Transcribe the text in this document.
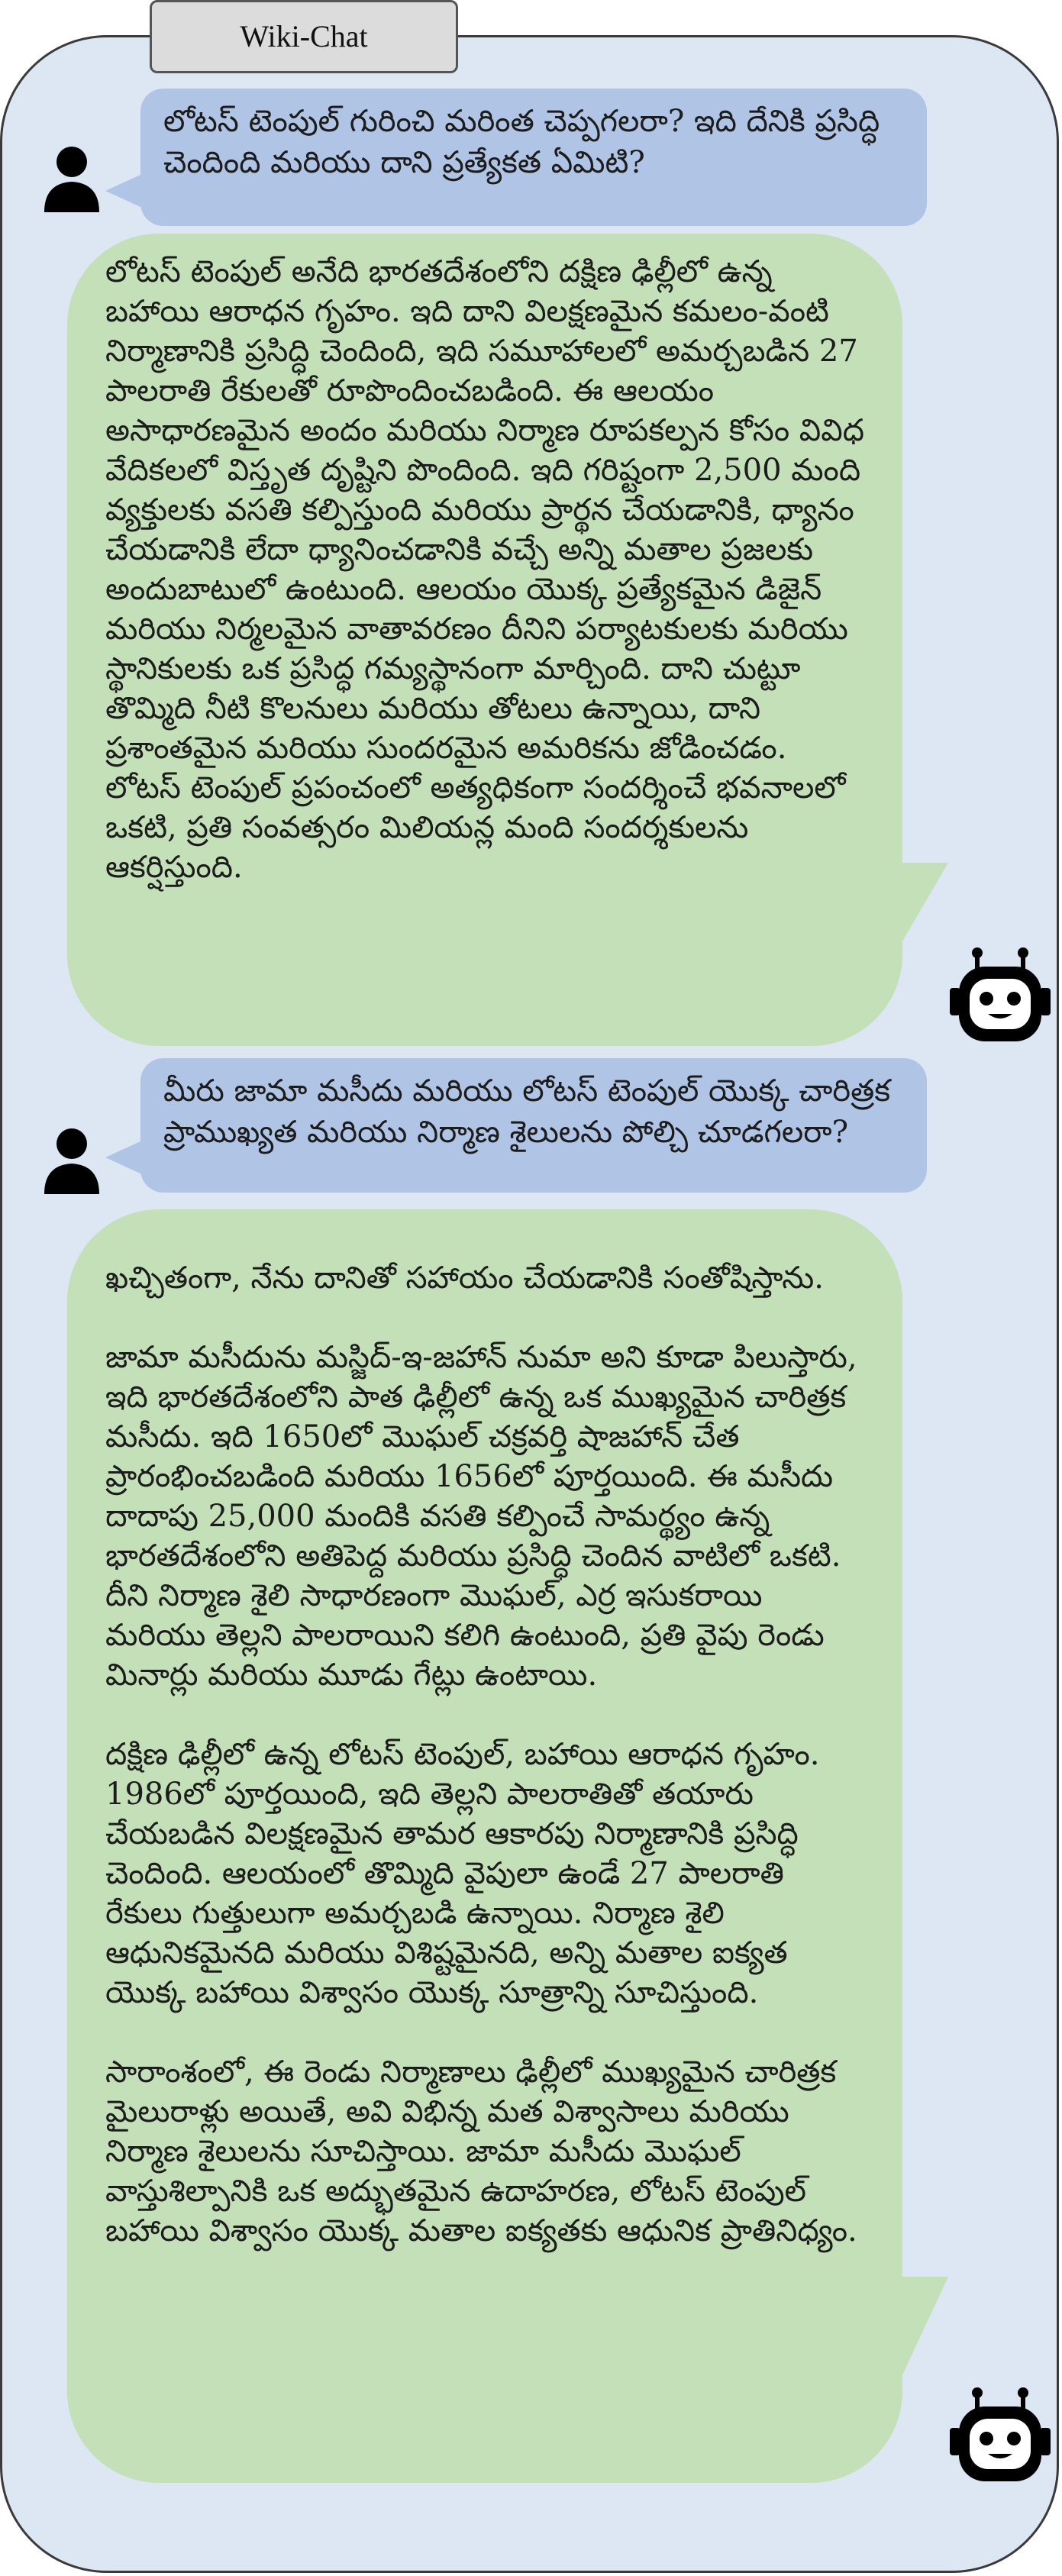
Wiki-Chat
లోటస్ టెంపుల్ గురించి మరింత చెప్పగలరా? ఇది దేనికి ప్రసిద్ధి చెందింది మరియు దాని ప్రత్యేకత ఏమిటి?

లోటస్ టెంపుల్ అనేది భారతదేశంలోని దక్షిణ ఢిల్లీలో ఉన్న బహాయి ఆరాధన గృహం. ఇది దాని విలక్షణమైన కమలం-వంటి నిర్మాణానికి ప్రసిద్ధి చెందింది, ఇది సమూహాలలో అమర్చబడిన 27 పాలరాతి రేకులతో రూపొందించబడింది. ఈ ఆలయం అసాధారణమైన అందం మరియు నిర్మాణ రూపకల్పన కోసం వివిధ వేదికలలో విస్తృత దృష్టిని పొందింది. ఇది గరిష్టంగా 2,500 మంది వ్యక్తులకు వసతి కల్పిస్తుంది మరియు ప్రార్థన చేయడానికి, ధ్యానం చేయడానికి లేదా ధ్యానించడానికి వచ్చే అన్ని మతాల ప్రజలకు అందుబాటులో ఉంటుంది. ఆలయం యొక్క ప్రత్యేకమైన డిజైన్ మరియు నిర్మలమైన వాతావరణం దీనిని పర్యాటకులకు మరియు స్థానికులకు ఒక ప్రసిద్ధ గమ్యస్థానంగా మార్చింది. దాని చుట్టూ తొమ్మిది నీటి కొలనులు మరియు తోటలు ఉన్నాయి, దాని ప్రశాంతమైన మరియు సుందరమైన అమరికను జోడించడం. లోటస్ టెంపుల్ ప్రపంచంలో అత్యధికంగా సందర్శించే భవనాలలో ఒకటి, ప్రతి సంవత్సరం మిలియన్ల మంది సందర్శకులను ఆకర్షిస్తుంది.

మీరు జామా మసీదు మరియు లోటస్ టెంపుల్ యొక్క చారిత్రక ప్రాముఖ్యత మరియు నిర్మాణ శైలులను పోల్చి చూడగలరా?

ఖచ్చితంగా, నేను దానితో సహాయం చేయడానికి సంతోషిస్తాను.

జామా మసీదును మస్జిద్-ఇ-జహాన్ నుమా అని కూడా పిలుస్తారు, ఇది భారతదేశంలోని పాత ఢిల్లీలో ఉన్న ఒక ముఖ్యమైన చారిత్రక మసీదు. ఇది 1650లో మొఘల్ చక్రవర్తి షాజహాన్ చేత ప్రారంభించబడింది మరియు 1656లో పూర్తయింది. ఈ మసీదు దాదాపు 25,000 మందికి వసతి కల్పించే సామర్థ్యం ఉన్న భారతదేశంలోని అతిపెద్ద మరియు ప్రసిద్ధి చెందిన వాటిలో ఒకటి. దీని నిర్మాణ శైలి సాధారణంగా మొఘల్, ఎర్ర ఇసుకరాయి మరియు తెల్లని పాలరాయిని కలిగి ఉంటుంది, ప్రతి వైపు రెండు మినార్లు మరియు మూడు గేట్లు ఉంటాయి.

దక్షిణ ఢిల్లీలో ఉన్న లోటస్ టెంపుల్, బహాయి ఆరాధన గృహం. 1986లో పూర్తయింది, ఇది తెల్లని పాలరాతితో తయారు చేయబడిన విలక్షణమైన తామర ఆకారపు నిర్మాణానికి ప్రసిద్ధి చెందింది. ఆలయంలో తొమ్మిది వైపులా ఉండే 27 పాలరాతి రేకులు గుత్తులుగా అమర్చబడి ఉన్నాయి. నిర్మాణ శైలి ఆధునికమైనది మరియు విశిష్టమైనది, అన్ని మతాల ఐక్యత యొక్క బహాయి విశ్వాసం యొక్క సూత్రాన్ని సూచిస్తుంది.

సారాంశంలో, ఈ రెండు నిర్మాణాలు ఢిల్లీలో ముఖ్యమైన చారిత్రక మైలురాళ్లు అయితే, అవి విభిన్న మత విశ్వాసాలు మరియు నిర్మాణ శైలులను సూచిస్తాయి. జామా మసీదు మొఘల్ వాస్తుశిల్పానికి ఒక అద్భుతమైన ఉదాహరణ, లోటస్ టెంపుల్ బహాయి విశ్వాసం యొక్క మతాల ఐక్యతకు ఆధునిక ప్రాతినిధ్యం.
